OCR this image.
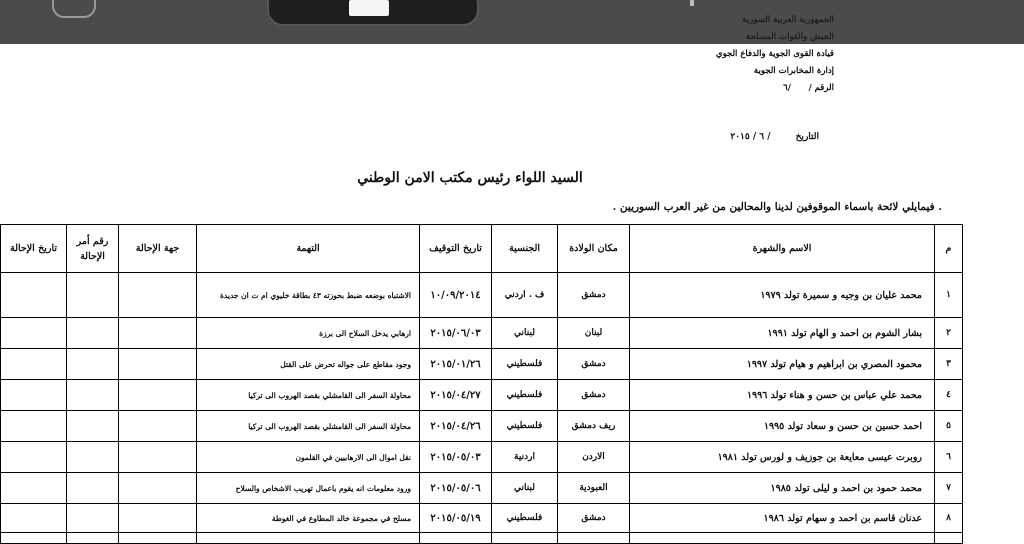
قيادة القوى الجوية والدفاع الجوي
إدارة المخابرات الجوية
الرقم /      /٦
التاريخ        / ٦ / ٢٠١٥
السيد اللواء رئيس مكتب الامن الوطني
. فيمايلي لائحة باسماء الموقوفين لدينا والمحالين من غير العرب السوريين .
م	الاسم والشهرة	مكان الولادة	الجنسية	تاريخ التوقيف	التهمة	جهة الإحالة	رقم أمر الإحالة	تاريخ الإحالة
١	محمد عليان بن وجيه و سميرة تولد ١٩٧٩	دمشق	ف . اردني	١٠/٠٩/٢٠١٤	الاشتباه بوضعه ضبط بحوزته ٤٣ بطاقة خليوي ام ت ان جديدة			
٢	بشار الشوم بن احمد و الهام تولد ١٩٩١	لبنان	لبناني	٢٠١٥/٠٦/٠٣	ارهابي يدخل السلاح الى برزة			
٣	محمود المصري بن ابراهيم و هيام تولد ١٩٩٧	دمشق	فلسطيني	٢٠١٥/٠١/٢٦	وجود مقاطع على جواله تحرض على القتل			
٤	محمد علي عباس بن حسن و هناء تولد ١٩٩٦	دمشق	فلسطيني	٢٠١٥/٠٤/٢٧	محاولة السفر الى القامشلي بقصد الهروب الى تركيا			
٥	احمد حسين بن حسن و سعاد تولد ١٩٩٥	ريف دمشق	فلسطيني	٢٠١٥/٠٤/٢٦	محاولة السفر الى القامشلي بقصد الهروب الى تركيا			
٦	روبرت عيسى معايعة بن جوزيف و لورس تولد ١٩٨١	الاردن	اردنية	٢٠١٥/٠٥/٠٣	نقل اموال الى الارهابيين في القلمون			
٧	محمد حمود بن احمد و ليلى تولد ١٩٨٥	العبودية	لبناني	٢٠١٥/٠٥/٠٦	ورود معلومات انه يقوم باعمال تهريب الاشخاص والسلاح			
٨	عدنان قاسم بن احمد و سهام تولد ١٩٨٦	دمشق	فلسطيني	٢٠١٥/٠٥/١٩	مسلح في مجموعة خالد المطاوع في الغوطة			
